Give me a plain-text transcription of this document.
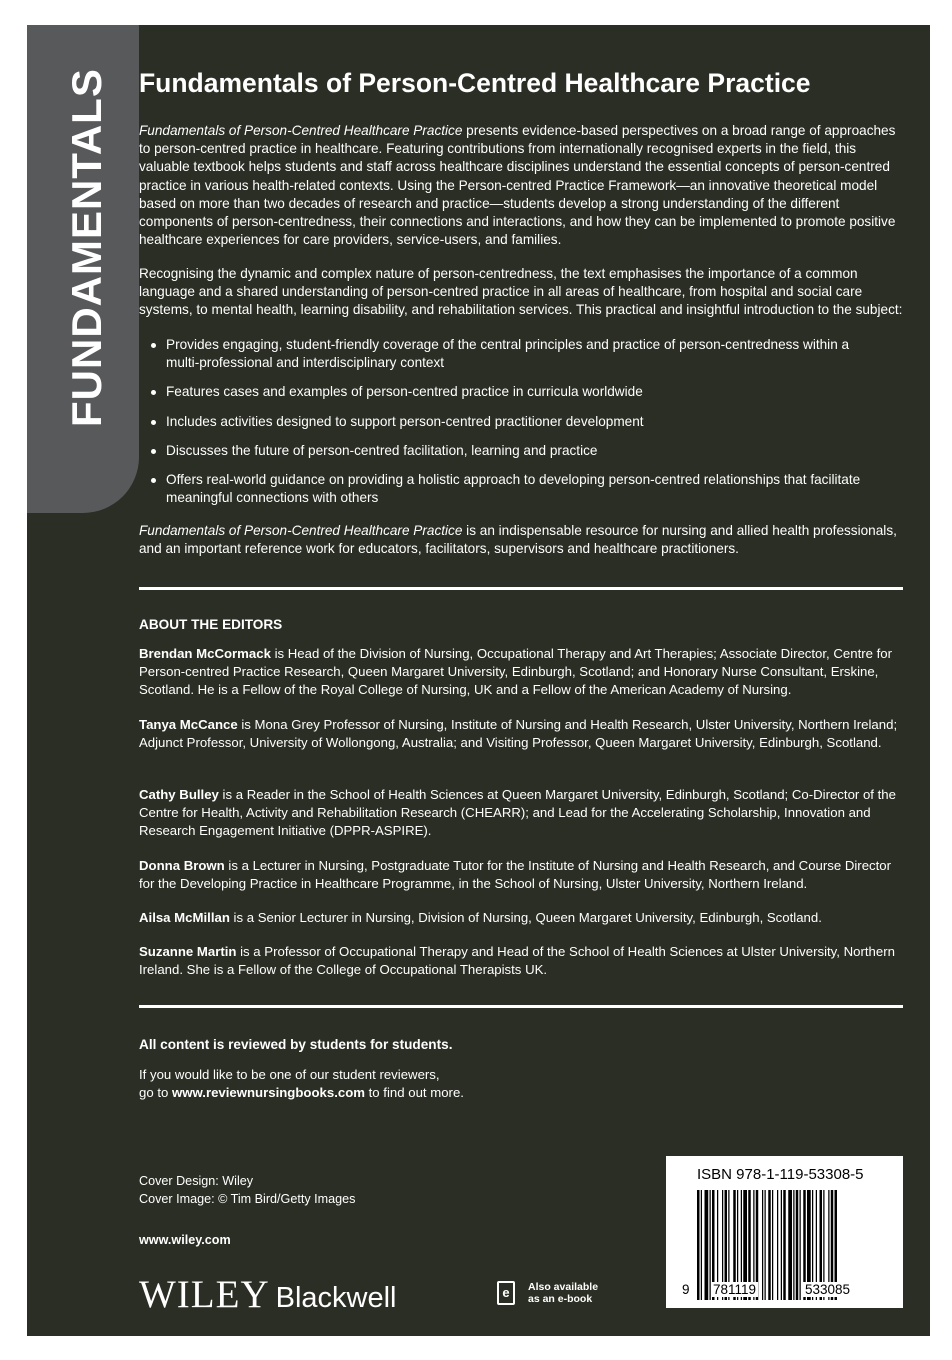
FUNDAMENTALS Fundamentals of Person-Centred Healthcare Practice
Fundamentals of Person-Centred Healthcare Practice presents evidence-based perspectives on a broad range of approaches to person-centred practice in healthcare. Featuring contributions from internationally recognised experts in the field, this valuable textbook helps students and staff across healthcare disciplines understand the essential concepts of person-centred practice in various health-related contexts. Using the Person-centred Practice Framework—an innovative theoretical model based on more than two decades of research and practice—students develop a strong understanding of the different components of person-centredness, their connections and interactions, and how they can be implemented to promote positive healthcare experiences for care providers, service-users, and families.
Recognising the dynamic and complex nature of person-centredness, the text emphasises the importance of a common language and a shared understanding of person-centred practice in all areas of healthcare, from hospital and social care systems, to mental health, learning disability, and rehabilitation services. This practical and insightful introduction to the subject:
Provides engaging, student-friendly coverage of the central principles and practice of person-centredness within a multi-professional and interdisciplinary context
Features cases and examples of person-centred practice in curricula worldwide
Includes activities designed to support person-centred practitioner development
Discusses the future of person-centred facilitation, learning and practice
Offers real-world guidance on providing a holistic approach to developing person-centred relationships that facilitate meaningful connections with others
Fundamentals of Person-Centred Healthcare Practice is an indispensable resource for nursing and allied health professionals, and an important reference work for educators, facilitators, supervisors and healthcare practitioners.
ABOUT THE EDITORS
Brendan McCormack is Head of the Division of Nursing, Occupational Therapy and Art Therapies; Associate Director, Centre for Person-centred Practice Research, Queen Margaret University, Edinburgh, Scotland; and Honorary Nurse Consultant, Erskine, Scotland. He is a Fellow of the Royal College of Nursing, UK and a Fellow of the American Academy of Nursing.
Tanya McCance is Mona Grey Professor of Nursing, Institute of Nursing and Health Research, Ulster University, Northern Ireland; Adjunct Professor, University of Wollongong, Australia; and Visiting Professor, Queen Margaret University, Edinburgh, Scotland.
Cathy Bulley is a Reader in the School of Health Sciences at Queen Margaret University, Edinburgh, Scotland; Co-Director of the Centre for Health, Activity and Rehabilitation Research (CHEARR); and Lead for the Accelerating Scholarship, Innovation and Research Engagement Initiative (DPPR-ASPIRE).
Donna Brown is a Lecturer in Nursing, Postgraduate Tutor for the Institute of Nursing and Health Research, and Course Director for the Developing Practice in Healthcare Programme, in the School of Nursing, Ulster University, Northern Ireland.
Ailsa McMillan is a Senior Lecturer in Nursing, Division of Nursing, Queen Margaret University, Edinburgh, Scotland.
Suzanne Martin is a Professor of Occupational Therapy and Head of the School of Health Sciences at Ulster University, Northern Ireland. She is a Fellow of the College of Occupational Therapists UK.
All content is reviewed by students for students.
If you would like to be one of our student reviewers,
go to www.reviewnursingbooks.com to find out more.
Cover Design: Wiley
Cover Image: © Tim Bird/Getty Images
www.wiley.com
WILEY Blackwell	e	Also available
as an e-book
ISBN 978-1-119-53308-5
9 781119	533085
